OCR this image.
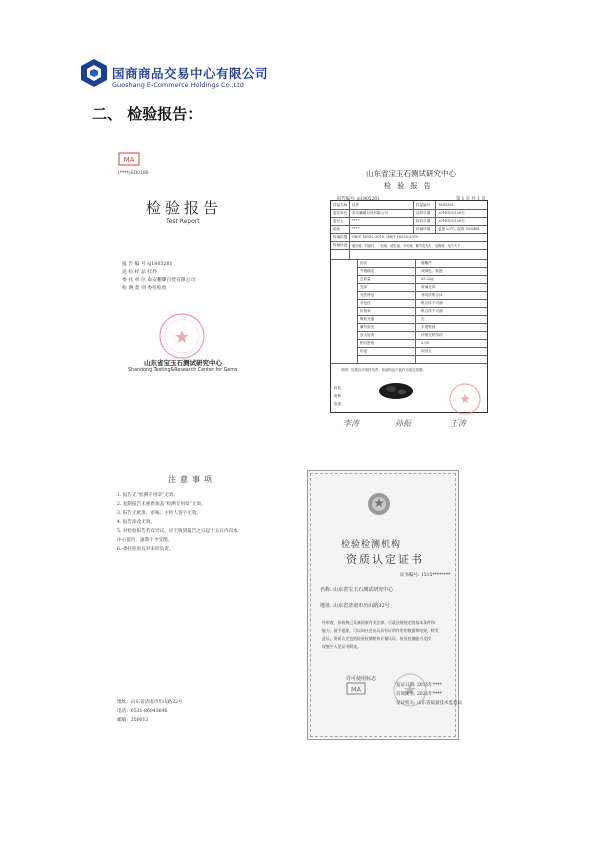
国商商品交易中心有限公司
Guoshang E-Commerce Holdings Co.,Ltd
二、 检验报告：
MA
(****)SD0186
检验报告
Test Report
报 告 编 号 sj1805281
送 检 样 品 挂件
委 托 单 位 泰安鹏耀百货有限公司
检 测 类 别 委托检验
山东省宝玉石测试研究中心
Shandong Testing&Research Center for Gems
山东省宝玉石测试研究中心
检 验 报 告
报告编号: sj1805281	第 1 页 共 1 页
样品名称 挂件	样品编号 1805281
委托单位 泰安鹏耀百货有限公司	送样日期 2018年5月28日
委托人 ****	检验日期 2018年5月28日
地址	****	检测环境 温度 22℃, 湿度 55%RH
检测依据 GB/T 16552-2010, GB/T 16553-2010
检测设备 偏光镜、折射仪、二色镜、滤色镜、分光镜、紫外荧光灯、显微镜、电子天平
形状	镂雕件
外观描述	深绿色、微透
总质量	55.32g
光泽	玻璃光泽
光性特征	非均质集合体
多色性	集合体不可测
折射率	集合体不可测
吸收光谱	无
紫外荧光	未观察到
放大检查	纤维交织结构
相对密度	2.95
结论	和田玉
说明：结果仅对来样负责；检测结论不能作为鉴定依据。
检验
审核
批准
李涛	孙振	王涛
注意事项
1. 报告无“检测专用章”无效。
2. 复制报告未重新加盖“检测专用章”无效。
3. 报告无批准、审核、主检人签字无效。
4. 报告涂改无效。
5. 对检验报告若有异议，应于收到报告之日起十五日内向本
中心提出，逾期不予受理。
6. 委托检验仅对来样负责。
地址：山东省济南市历山路32号
电话：0531-86945646
邮编：250013
检验检测机构
资质认定证书
证书编号: 1515********
名称: 山东省宝玉石测试研究中心
地址: 山东省济南市历山路32号
经审查，你机构已具备国家有关法律、行政法规规定的基本条件和
能力，现予批准，可以向社会出具具有证明作用的数据和结果，特发
此证。资质认定包括检验检测机构计量认证，检验检测能力及授
权签字人见证书附表。
许可使用标志
MA	发证日期: 2015年****
有效期至: 2021年****
发证机关: 山东省质量技术监督局
